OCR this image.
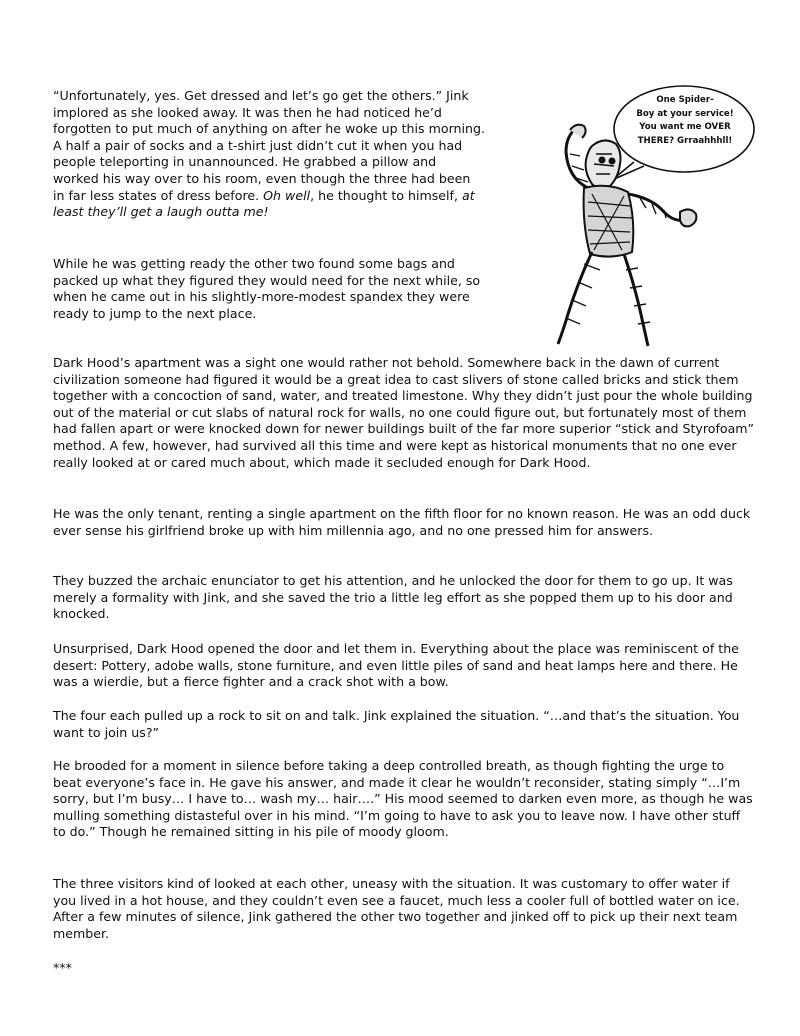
“Unfortunately, yes. Get dressed and let’s go get the others.” Jink implored as she looked away. It was then he had noticed he’d forgotten to put much of anything on after he woke up this morning. A half a pair of socks and a t-shirt just didn’t cut it when you had people teleporting in unannounced. He grabbed a pillow and worked his way over to his room, even though the three had been in far less states of dress before. Oh well, he thought to himself, at least they’ll get a laugh outta me!

While he was getting ready the other two found some bags and packed up what they figured they would need for the next while, so when he came out in his slightly-more-modest spandex they were ready to jump to the next place.

One Spider-
Boy at your service!
You want me OVER
THERE? Grraahhhll!

Dark Hood’s apartment was a sight one would rather not behold. Somewhere back in the dawn of current civilization someone had figured it would be a great idea to cast slivers of stone called bricks and stick them together with a concoction of sand, water, and treated limestone. Why they didn’t just pour the whole building out of the material or cut slabs of natural rock for walls, no one could figure out, but fortunately most of them had fallen apart or were knocked down for newer buildings built of the far more superior “stick and Styrofoam” method. A few, however, had survived all this time and were kept as historical monuments that no one ever really looked at or cared much about, which made it secluded enough for Dark Hood.

He was the only tenant, renting a single apartment on the fifth floor for no known reason. He was an odd duck ever sense his girlfriend broke up with him millennia ago, and no one pressed him for answers.

They buzzed the archaic enunciator to get his attention, and he unlocked the door for them to go up. It was merely a formality with Jink, and she saved the trio a little leg effort as she popped them up to his door and knocked.

Unsurprised, Dark Hood opened the door and let them in. Everything about the place was reminiscent of the desert: Pottery, adobe walls, stone furniture, and even little piles of sand and heat lamps here and there. He was a wierdie, but a fierce fighter and a crack shot with a bow.

The four each pulled up a rock to sit on and talk. Jink explained the situation. “…and that’s the situation. You want to join us?”

He brooded for a moment in silence before taking a deep controlled breath, as though fighting the urge to beat everyone’s face in. He gave his answer, and made it clear he wouldn’t reconsider, stating simply “…I’m sorry, but I’m busy… I have to… wash my… hair….” His mood seemed to darken even more, as though he was mulling something distasteful over in his mind. “I’m going to have to ask you to leave now. I have other stuff to do.” Though he remained sitting in his pile of moody gloom.

The three visitors kind of looked at each other, uneasy with the situation. It was customary to offer water if you lived in a hot house, and they couldn’t even see a faucet, much less a cooler full of bottled water on ice. After a few minutes of silence, Jink gathered the other two together and jinked off to pick up their next team member.

***
